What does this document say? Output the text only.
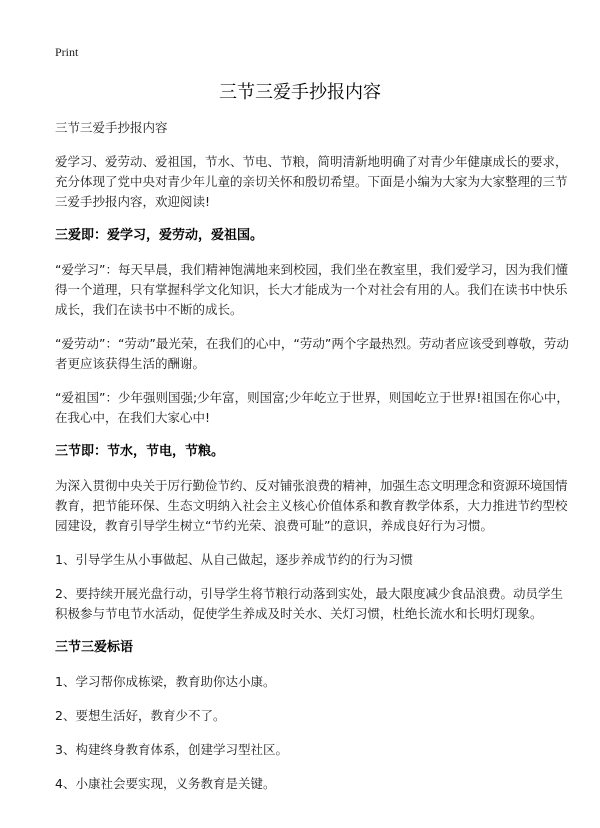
Print
三节三爱手抄报内容

三节三爱手抄报内容

爱学习、爱劳动、爱祖国，节水、节电、节粮，简明清新地明确了对青少年健康成长的要求，充分体现了党中央对青少年儿童的亲切关怀和殷切希望。下面是小编为大家为大家整理的三节三爱手抄报内容，欢迎阅读!

三爱即：爱学习，爱劳动，爱祖国。

“爱学习”：每天早晨，我们精神饱满地来到校园，我们坐在教室里，我们爱学习，因为我们懂得一个道理，只有掌握科学文化知识，长大才能成为一个对社会有用的人。我们在读书中快乐成长，我们在读书中不断的成长。

“爱劳动”：“劳动”最光荣，在我们的心中，“劳动”两个字最热烈。劳动者应该受到尊敬，劳动者更应该获得生活的酬谢。

“爱祖国”：少年强则国强;少年富，则国富;少年屹立于世界，则国屹立于世界!祖国在你心中，在我心中，在我们大家心中!

三节即：节水，节电，节粮。

为深入贯彻中央关于厉行勤俭节约、反对铺张浪费的精神，加强生态文明理念和资源环境国情教育，把节能环保、生态文明纳入社会主义核心价值体系和教育教学体系，大力推进节约型校园建设，教育引导学生树立“节约光荣、浪费可耻”的意识，养成良好行为习惯。

1、引导学生从小事做起、从自己做起，逐步养成节约的行为习惯

2、要持续开展光盘行动，引导学生将节粮行动落到实处，最大限度减少食品浪费。动员学生积极参与节电节水活动，促使学生养成及时关水、关灯习惯，杜绝长流水和长明灯现象。

三节三爱标语

1、学习帮你成栋梁，教育助你达小康。

2、要想生活好，教育少不了。

3、构建终身教育体系，创建学习型社区。

4、小康社会要实现，义务教育是关键。
